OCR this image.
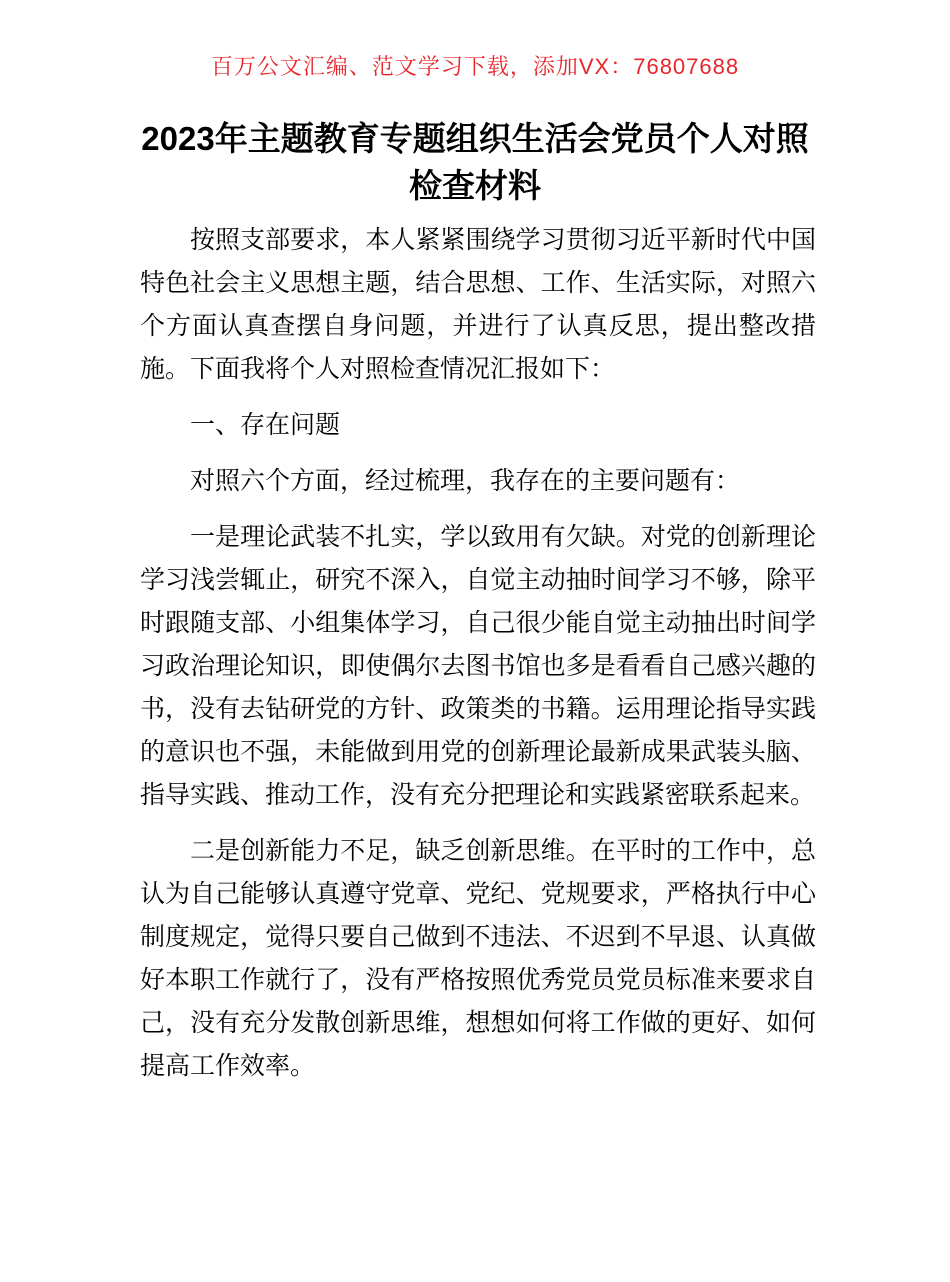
百万公文汇编、范文学习下载，添加VX：76807688
2023年主题教育专题组织生活会党员个人对照
检查材料

按照支部要求，本人紧紧围绕学习贯彻习近平新时代中国特色社会主义思想主题，结合思想、工作、生活实际，对照六个方面认真查摆自身问题，并进行了认真反思，提出整改措施。下面我将个人对照检查情况汇报如下：

一、存在问题

对照六个方面，经过梳理，我存在的主要问题有：

一是理论武装不扎实，学以致用有欠缺。对党的创新理论学习浅尝辄止，研究不深入，自觉主动抽时间学习不够，除平时跟随支部、小组集体学习，自己很少能自觉主动抽出时间学习政治理论知识，即使偶尔去图书馆也多是看看自己感兴趣的书，没有去钻研党的方针、政策类的书籍。运用理论指导实践的意识也不强，未能做到用党的创新理论最新成果武装头脑、指导实践、推动工作，没有充分把理论和实践紧密联系起来。

二是创新能力不足，缺乏创新思维。在平时的工作中，总认为自己能够认真遵守党章、党纪、党规要求，严格执行中心制度规定，觉得只要自己做到不违法、不迟到不早退、认真做好本职工作就行了，没有严格按照优秀党员党员标准来要求自己，没有充分发散创新思维，想想如何将工作做的更好、如何提高工作效率。
